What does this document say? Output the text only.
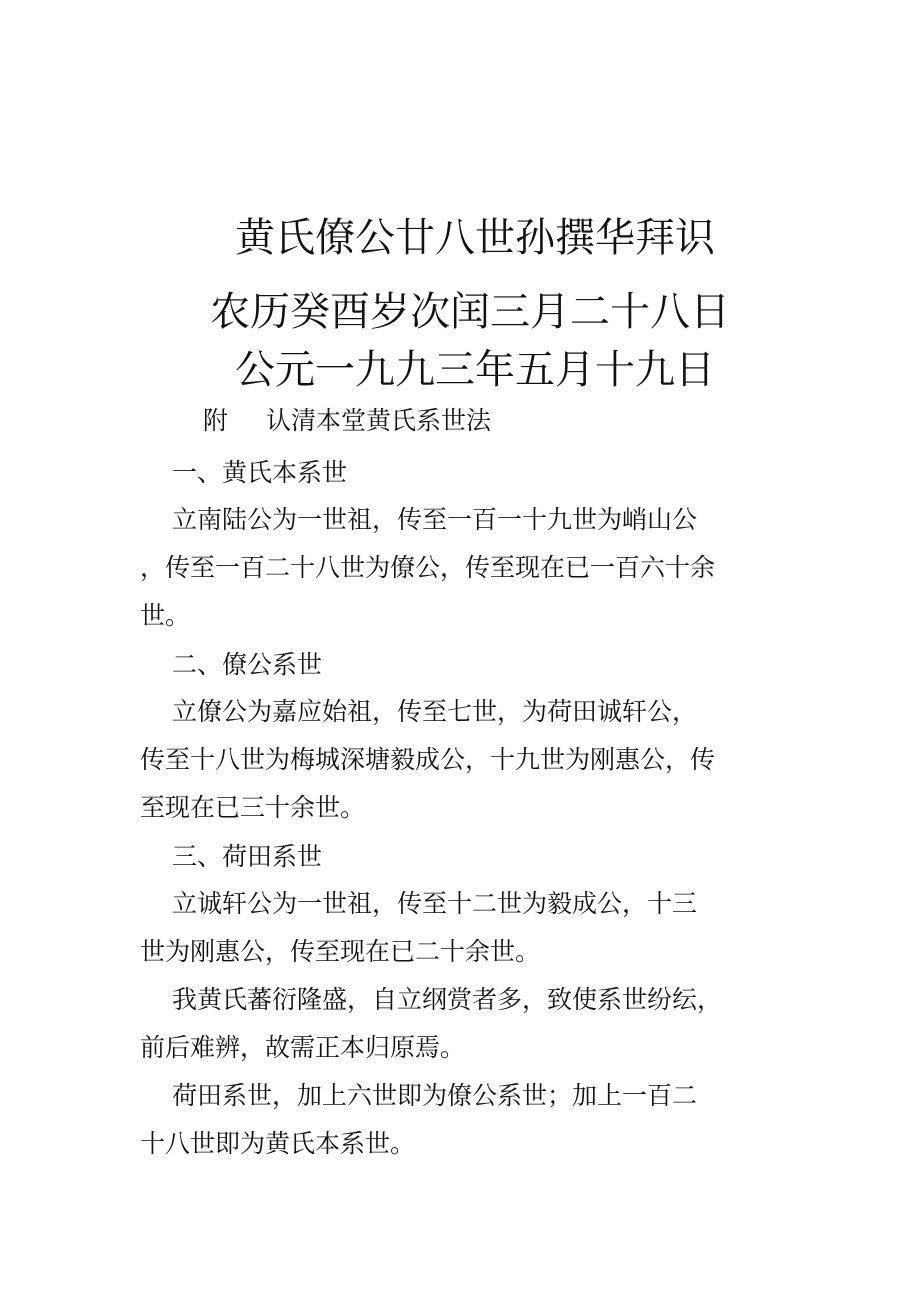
黄氏僚公廿八世孙撰华拜识
农历癸酉岁次闰三月二十八日
公元一九九三年五月十九日
附 认清本堂黄氏系世法
一、黄氏本系世
立南陆公为一世祖，传至一百一十九世为峭山公
，传至一百二十八世为僚公，传至现在已一百六十余
世。
二、僚公系世
立僚公为嘉应始祖，传至七世，为荷田诚轩公，
传至十八世为梅城深塘毅成公，十九世为刚惠公，传
至现在已三十余世。
三、荷田系世
立诚轩公为一世祖，传至十二世为毅成公，十三
世为刚惠公，传至现在已二十余世。
我黄氏蕃衍隆盛，自立纲赏者多，致使系世纷纭，
前后难辨，故需正本归原焉。
荷田系世，加上六世即为僚公系世；加上一百二
十八世即为黄氏本系世。
